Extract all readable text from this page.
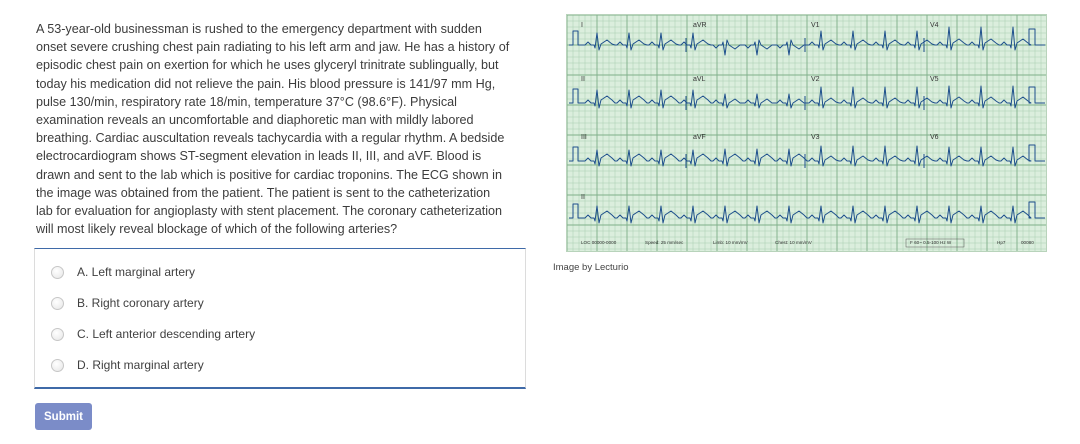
A 53-year-old businessman is rushed to the emergency department with sudden
onset severe crushing chest pain radiating to his left arm and jaw. He has a history of
episodic chest pain on exertion for which he uses glyceryl trinitrate sublingually, but
today his medication did not relieve the pain. His blood pressure is 141/97 mm Hg,
pulse 130/min, respiratory rate 18/min, temperature 37°C (98.6°F). Physical
examination reveals an uncomfortable and diaphoretic man with mildly labored
breathing. Cardiac auscultation reveals tachycardia with a regular rhythm. A bedside
electrocardiogram shows ST-segment elevation in leads II, III, and aVF. Blood is
drawn and sent to the lab which is positive for cardiac troponins. The ECG shown in
the image was obtained from the patient. The patient is sent to the catheterization
lab for evaluation for angioplasty with stent placement. The coronary catheterization
will most likely reveal blockage of which of the following arteries?
A. Left marginal artery
B. Right coronary artery
C. Left anterior descending artery
D. Right marginal artery
Submit
I	aVR	V1	V4
II	aVL	V2	V5
III	aVF	V3	V6
II
LOC 00000-0000	Speed: 25 mm/sec	Limb: 10 mm/mV	Chest: 10 mm/mV	F 60~ 0.5-100 Hz W	Hp7	00080
Image by Lecturio
